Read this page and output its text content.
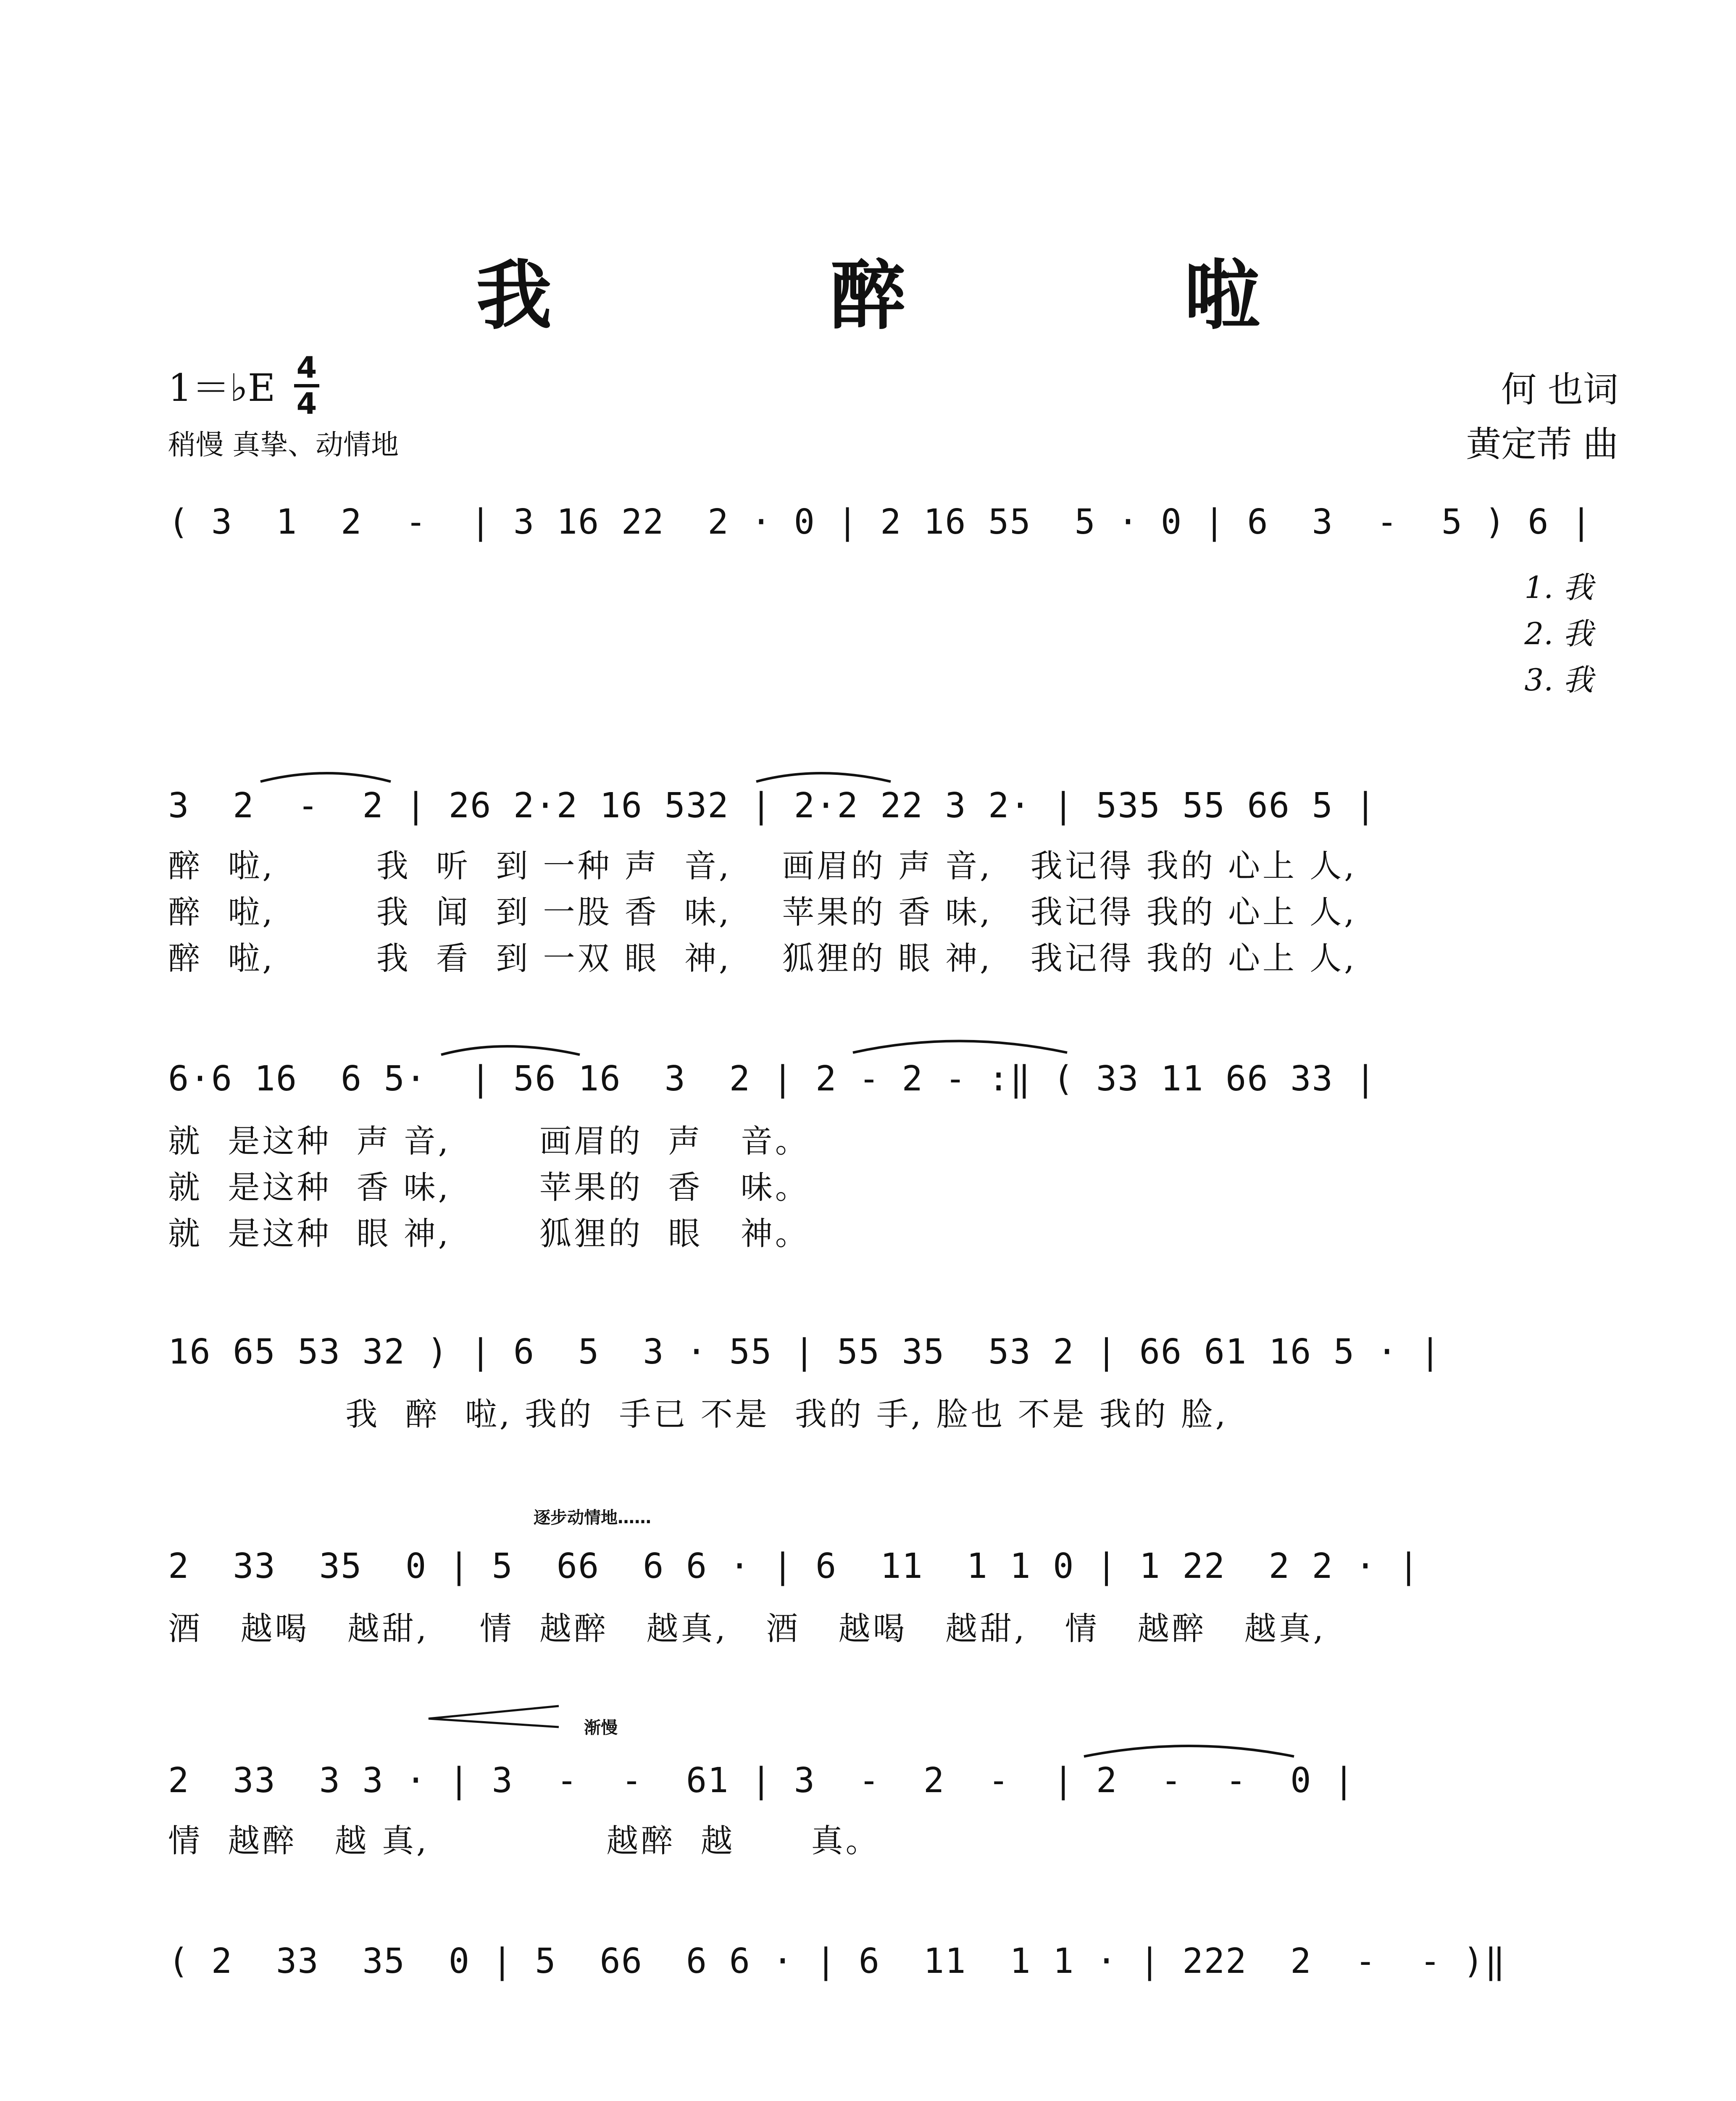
我 醉 啦
1＝♭E 4
4
稍慢 真挚、动情地
何 也词
黄定芾 曲
( 3  1  2  -  | 3 16 22  2 · 0 | 2 16 55  5 · 0 | 6  3  -  5 ) 6 |
1. 我
2. 我
3. 我
3  2  -  2 | 26 2·2 16 532 | 2·2 22 3 2· | 535 55 66 5 |
醉  啦,        我  听  到 一种 声  音,    画眉的 声 音,   我记得 我的 心上 人,
醉  啦,        我  闻  到 一股 香  味,    苹果的 香 味,   我记得 我的 心上 人,
醉  啦,        我  看  到 一双 眼  神,    狐狸的 眼 神,   我记得 我的 心上 人,
6·6 16  6 5·  | 56 16  3  2 | 2 - 2 - :‖ ( 33 11 66 33 |
就  是这种  声 音,       画眉的  声   音。
就  是这种  香 味,       苹果的  香   味。
就  是这种  眼 神,       狐狸的  眼   神。
16 65 53 32 ) | 6  5  3 · 55 | 55 35  53 2 | 66 61 16 5 · |
我  醉  啦, 我的  手已 不是  我的 手, 脸也 不是 我的 脸,
逐步动情地……
2  33  35  0 | 5  66  6 6 · | 6  11  1 1 0 | 1 22  2 2 · |
酒   越喝   越甜,    情  越醉   越真,   酒   越喝   越甜,   情   越醉   越真,
渐慢
2  33  3 3 · | 3  -  -  61 | 3  -  2  -  | 2  -  -  0 |
情  越醉   越 真,              越醉  越      真。
( 2  33  35  0 | 5  66  6 6 · | 6  11  1 1 · | 222  2  -  - )‖
